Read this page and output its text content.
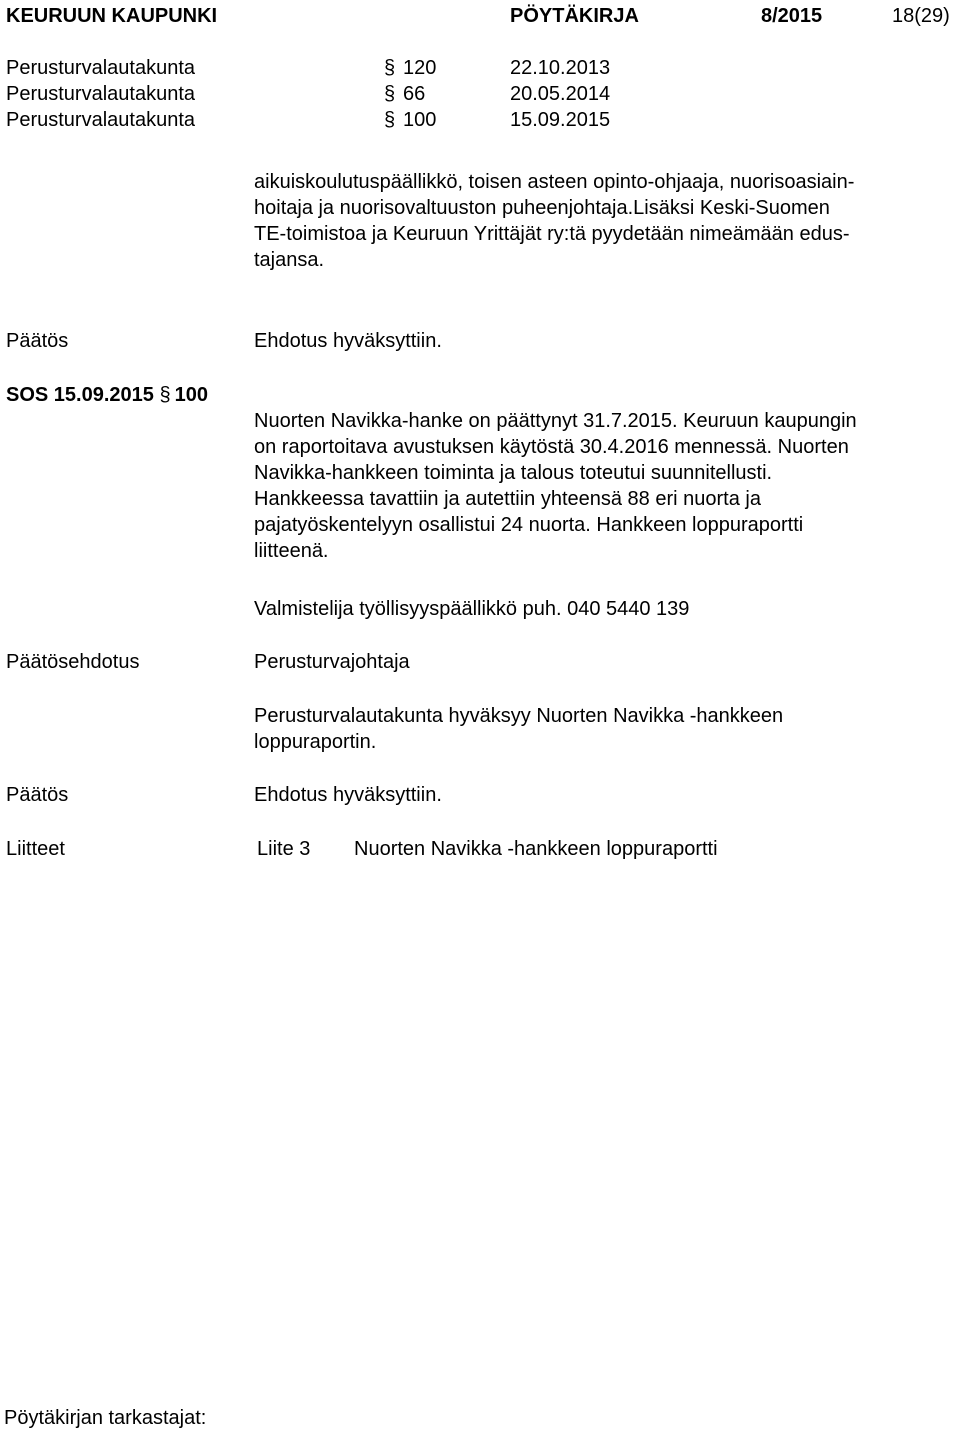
KEURUUN KAUPUNKI	PÖYTÄKIRJA	8/2015	18(29)
Perusturvalautakunta	§ 120	22.10.2013
Perusturvalautakunta	§ 66	20.05.2014
Perusturvalautakunta	§ 100	15.09.2015

aikuiskoulutuspäällikkö, toisen asteen opinto-ohjaaja, nuorisoasiain-

hoitaja ja nuorisovaltuuston puheenjohtaja.Lisäksi Keski-Suomen

TE-toimistoa ja Keuruun Yrittäjät ry:tä pyydetään nimeämään edus-

tajansa.

Päätös	Ehdotus hyväksyttiin.
SOS 15.09.2015 § 100

Nuorten Navikka-hanke on päättynyt 31.7.2015. Keuruun kaupungin

on raportoitava avustuksen käytöstä 30.4.2016 mennessä. Nuorten

Navikka-hankkeen toiminta ja talous toteutui suunnitellusti.

Hankkeessa tavattiin ja autettiin yhteensä 88 eri nuorta ja

pajatyöskentelyyn osallistui 24 nuorta. Hankkeen loppuraportti

liitteenä.

Valmistelija työllisyyspäällikkö puh. 040 5440 139
Päätösehdotus	Perusturvajohtaja

Perusturvalautakunta hyväksyy Nuorten Navikka -hankkeen

loppuraportin.

Päätös	Ehdotus hyväksyttiin.
Liitteet	Liite 3 Nuorten Navikka -hankkeen loppuraportti
Pöytäkirjan tarkastajat:
